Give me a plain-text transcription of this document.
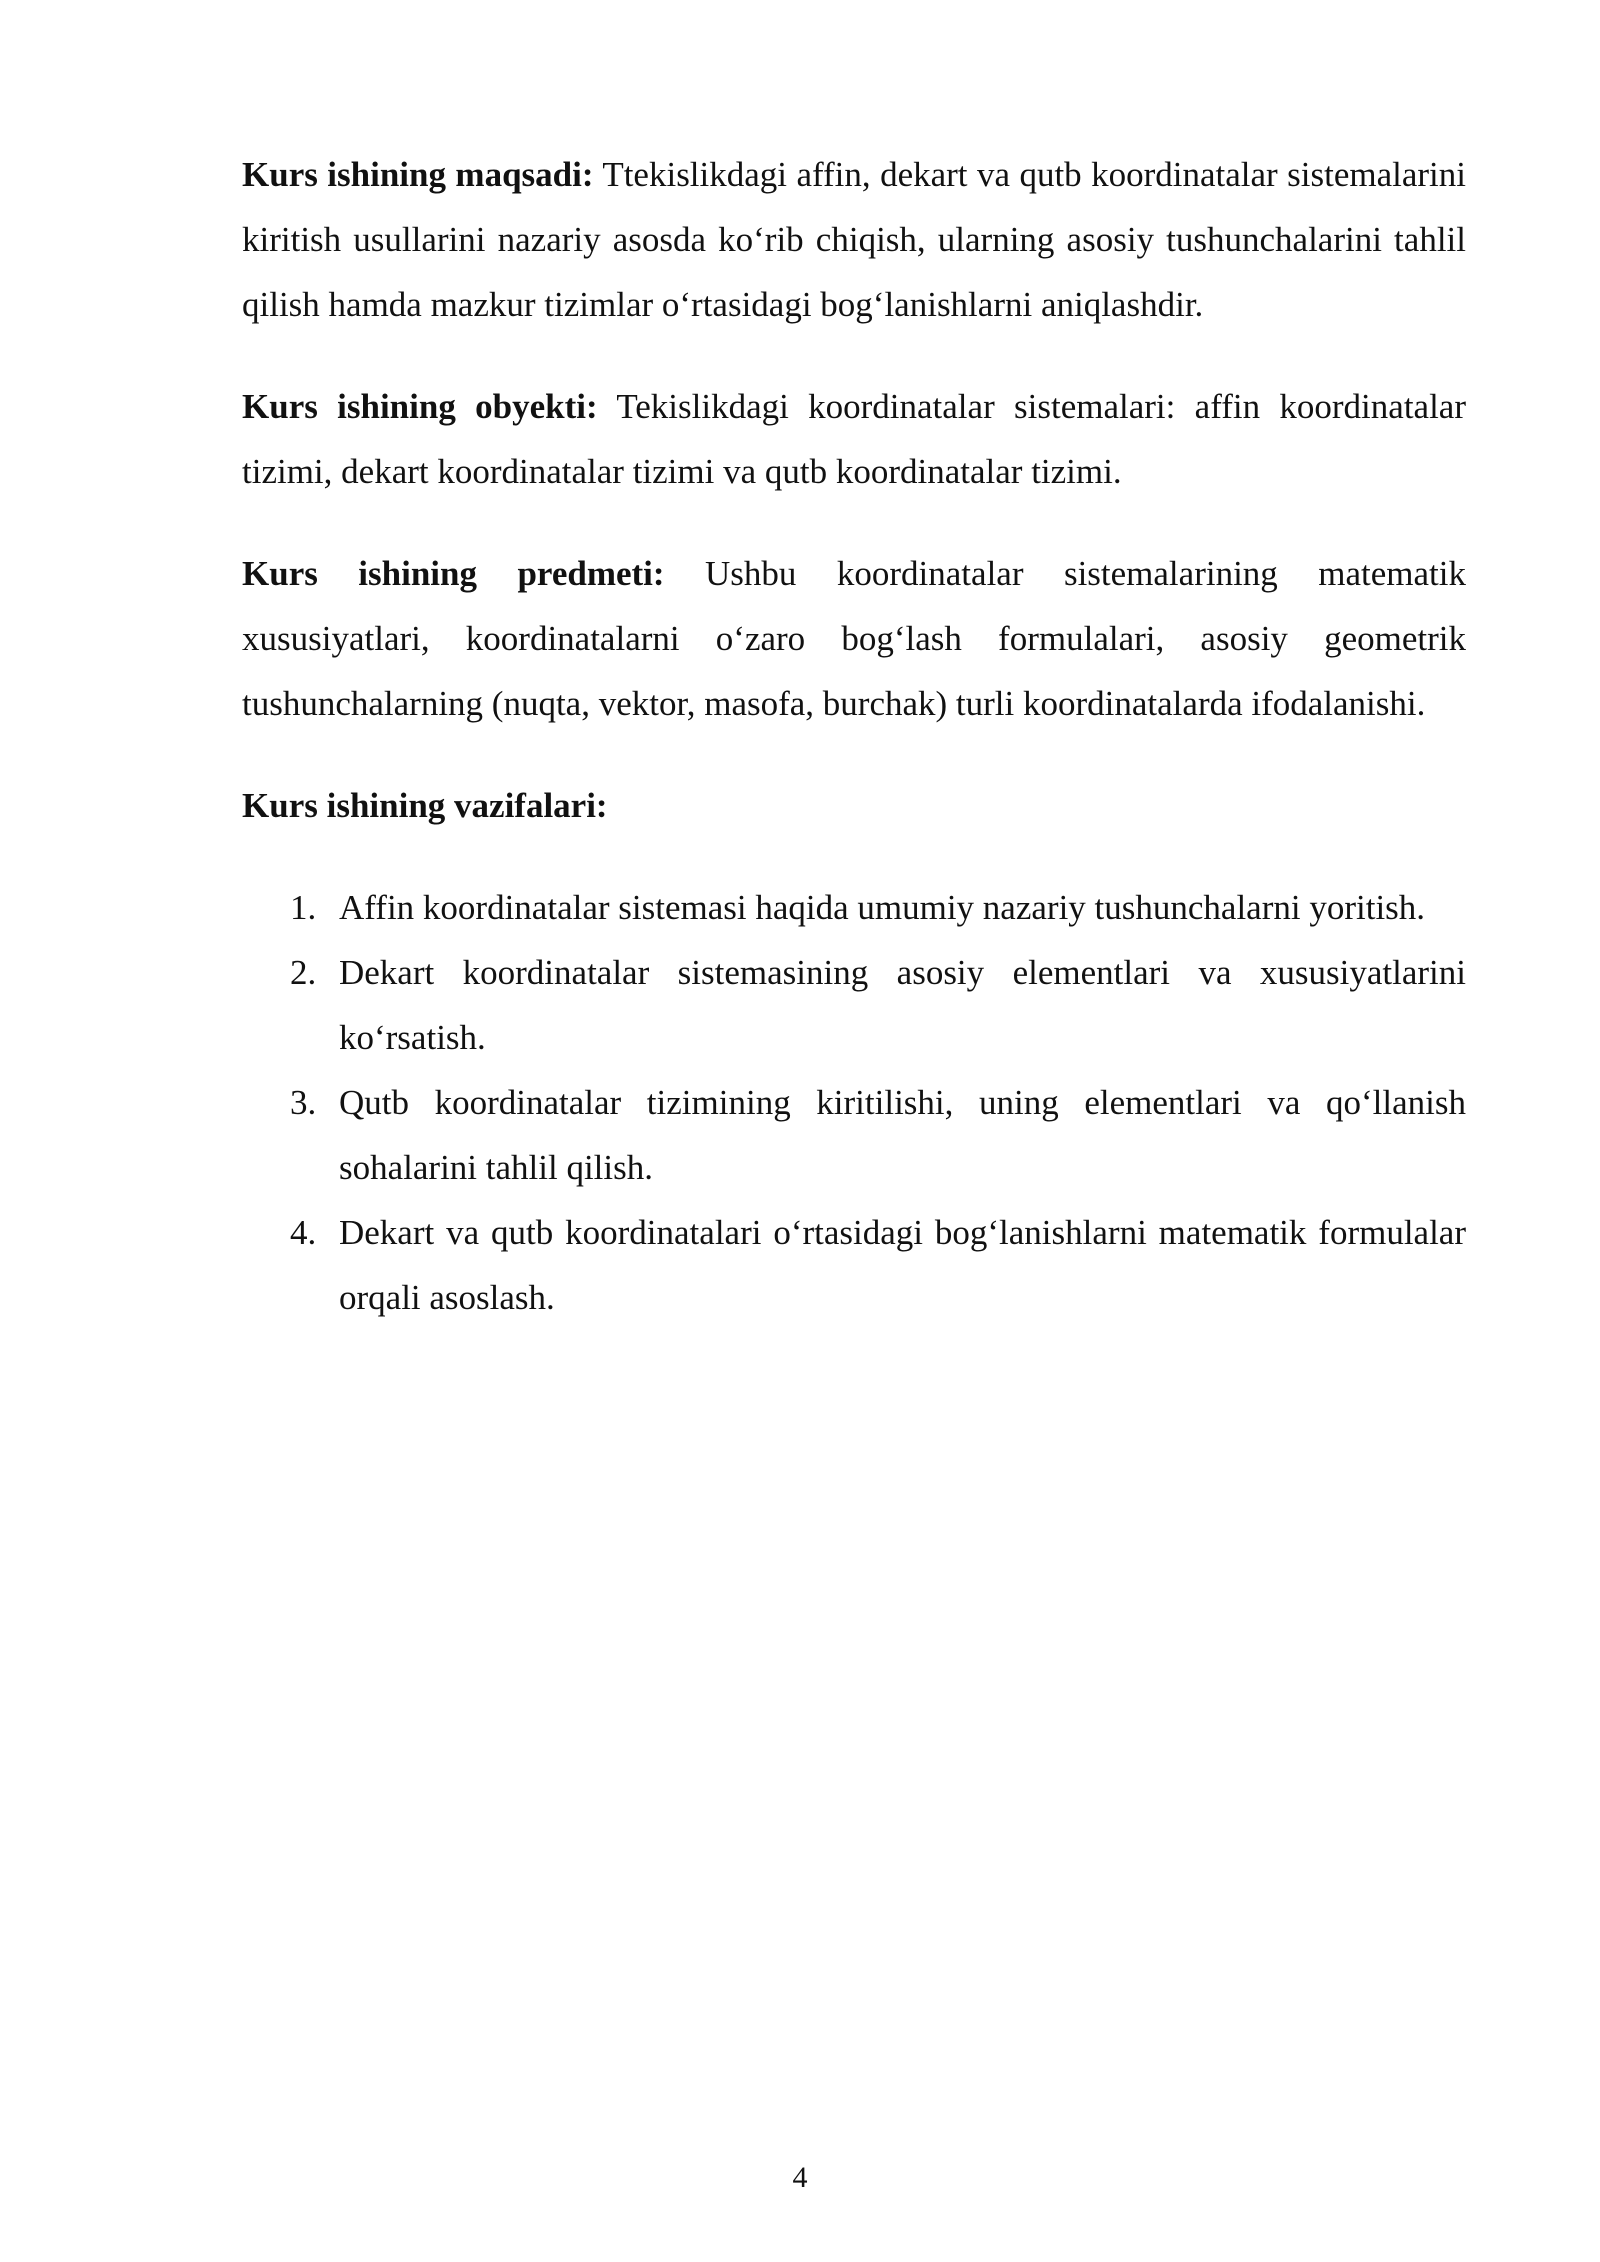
Kurs ishining maqsadi: Ttekislikdagi affin, dekart va qutb koordinatalar sistemalarini kiritish usullarini nazariy asosda ko‘rib chiqish, ularning asosiy tushunchalarini tahlil qilish hamda mazkur tizimlar o‘rtasidagi bog‘lanishlarni aniqlashdir.

Kurs ishining obyekti: Tekislikdagi koordinatalar sistemalari: affin koordinatalar tizimi, dekart koordinatalar tizimi va qutb koordinatalar tizimi.

Kurs ishining predmeti: Ushbu koordinatalar sistemalarining matematik xususiyatlari, koordinatalarni o‘zaro bog‘lash formulalari, asosiy geometrik tushunchalarning (nuqta, vektor, masofa, burchak) turli koordinatalarda ifodalanishi.

Kurs ishining vazifalari:

1. Affin koordinatalar sistemasi haqida umumiy nazariy tushunchalarni yoritish.
2. Dekart koordinatalar sistemasining asosiy elementlari va xususiyatlarini ko‘rsatish.
3. Qutb koordinatalar tizimining kiritilishi, uning elementlari va qo‘llanish sohalarini tahlil qilish.
4. Dekart va qutb koordinatalari o‘rtasidagi bog‘lanishlarni matematik formulalar orqali asoslash.
4
